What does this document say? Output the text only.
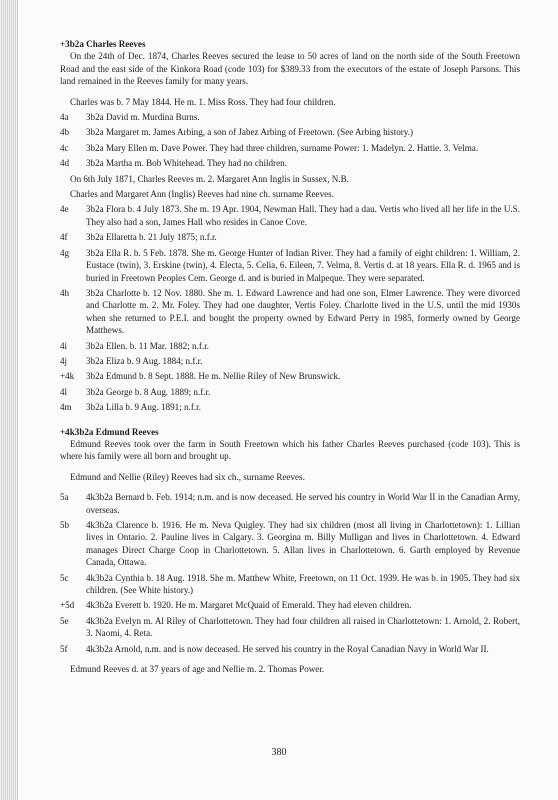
+3b2a Charles Reeves

On the 24th of Dec. 1874, Charles Reeves secured the lease to 50 acres of land on the north side of the South Freetown Road and the east side of the Kinkora Road (code 103) for $389.33 from the executors of the estate of Joseph Parsons. This land remained in the Reeves family for many years.

Charles was b. 7 May 1844. He m. 1. Miss Ross. They had four children.

4a	3b2a David m. Murdina Burns.
4b	3b2a Margaret m. James Arbing, a son of Jabez Arbing of Freetown. (See Arbing history.)
4c	3b2a Mary Ellen m. Dave Power. They had three children, surname Power: 1. Madelyn. 2. Hattie. 3. Velma.
4d	3b2a Martha m. Bob Whitehead. They had no children.

On 6th July 1871, Charles Reeves m. 2. Margaret Ann Inglis in Sussex, N.B.

Charles and Margaret Ann (Inglis) Reeves had nine ch. surname Reeves.

4e	3b2a Flora b. 4 July 1873. She m. 19 Apr. 1904, Newman Hall. They had a dau. Vertis who lived all her life in the U.S. They also had a son, James Hall who resides in Canoe Cove.
4f	3b2a Ellaretta b. 21 July 1875; n.f.r.
4g	3b2a Ella R. b. 5 Feb. 1878. She m. George Hunter of Indian River. They had a family of eight children: 1. William, 2. Eustace (twin), 3. Erskine (twin), 4. Electa, 5. Celia, 6. Eileen, 7. Velma, 8. Vertis d. at 18 years. Ella R. d. 1965 and is buried in Freetown Peoples Cem. George d. and is buried in Malpeque. They were separated.
4h	3b2a Charlotte b. 12 Nov. 1880. She m. 1. Edward Lawrence and had one son, Elmer Lawrence. They were divorced and Charlotte m. 2. Mr. Foley. They had one daughter, Vertis Foley. Charlotte lived in the U.S. until the mid 1930s when she returned to P.E.I. and bought the property owned by Edward Perry in 1985, formerly owned by George Matthews.
4i	3b2a Ellen. b. 11 Mar. 1882; n.f.r.
4j	3b2a Eliza b. 9 Aug. 1884; n.f.r.
+4k	3b2a Edmund b. 8 Sept. 1888. He m. Nellie Riley of New Brunswick.
4l	3b2a George b. 8 Aug. 1889; n.f.r.
4m	3b2a Lilla b. 9 Aug. 1891; n.f.r.

+4k3b2a Edmund Reeves

Edmund Reeves took over the farm in South Freetown which his father Charles Reeves purchased (code 103). This is where his family were all born and brought up.

Edmund and Nellie (Riley) Reeves had six ch., surname Reeves.

5a	4k3b2a Bernard b. Feb. 1914; n.m. and is now deceased. He served his country in World War II in the Canadian Army, overseas.
5b	4k3b2a Clarence b. 1916. He m. Neva Quigley. They had six children (most all living in Charlottetown): 1. Lillian lives in Ontario. 2. Pauline lives in Calgary. 3. Georgina m. Billy Mulligan and lives in Charlottetown. 4. Edward manages Direct Charge Coop in Charlottetown. 5. Allan lives in Charlottetown. 6. Garth employed by Revenue Canada, Ottawa.
5c	4k3b2a Cynthia b. 18 Aug. 1918. She m. Matthew White, Freetown, on 11 Oct. 1939. He was b. in 1905. They had six children. (See White history.)
+5d	4k3b2a Everett b. 1920. He m. Margaret McQuaid of Emerald. They had eleven children.
5e	4k3b2a Evelyn m. Al Riley of Charlottetown. They had four children all raised in Charlottetown: 1. Arnold, 2. Robert, 3. Naomi, 4. Reta.
5f	4k3b2a Arnold, n.m. and is now deceased. He served his country in the Royal Canadian Navy in World War II.

Edmund Reeves d. at 37 years of age and Nellie m. 2. Thomas Power.

380
